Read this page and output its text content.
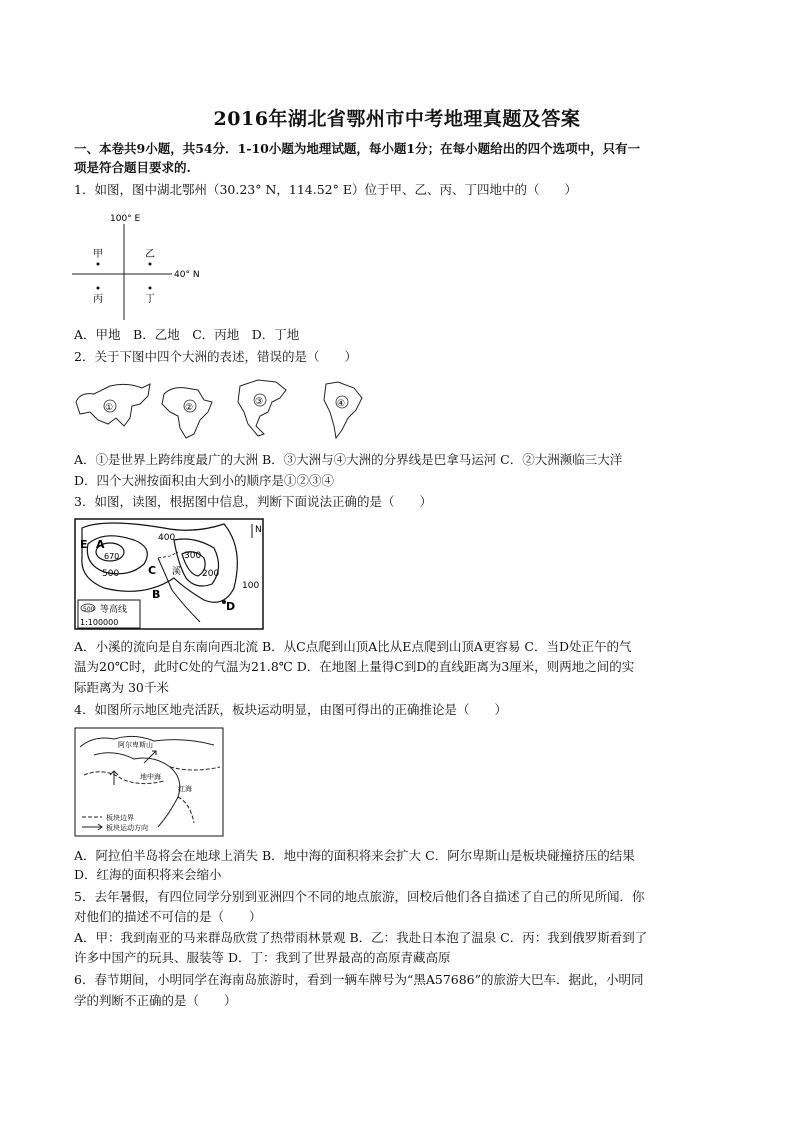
2016年湖北省鄂州市中考地理真题及答案
一、本卷共9小题，共54分．1-10小题为地理试题，每小题1分；在每小题给出的四个选项中，只有一
项是符合题目要求的.
1．如图，图中湖北鄂州（30.23° N，114.52° E）位于甲、乙、丙、丁四地中的（　　）
100° E
40° N
甲	乙
丙	丁
A．甲地　B．乙地　C．丙地　D．丁地
2．关于下图中四个大洲的表述，错误的是（　　）
①	②
③	④
A．①是世界上跨纬度最广的大洲 B．③大洲与④大洲的分界线是巴拿马运河 C．②大洲濒临三大洋
D．四个大洲按面积由大到小的顺序是①②③④
3．如图，读图，根据图中信息，判断下面说法正确的是（　　）
N
E A
670
500
400
300
200
100
C 溪
B
D
500 等高线
1:100000
A．小溪的流向是自东南向西北流 B．从C点爬到山顶A比从E点爬到山顶A更容易 C．当D处正午的气
温为20℃时，此时C处的气温为21.8℃ D．在地图上量得C到D的直线距离为3厘米，则两地之间的实
际距离为 30千米
4．如图所示地区地壳活跃，板块运动明显，由图可得出的正确推论是（　　）
阿尔卑斯山
地中海
红海
板块边界
板块运动方向
A．阿拉伯半岛将会在地球上消失 B．地中海的面积将来会扩大 C．阿尔卑斯山是板块碰撞挤压的结果
D．红海的面积将来会缩小
5．去年暑假，有四位同学分别到亚洲四个不同的地点旅游，回校后他们各自描述了自己的所见所闻．你
对他们的描述不可信的是（　　）
A．甲：我到南亚的马来群岛欣赏了热带雨林景观 B．乙：我赴日本泡了温泉 C．丙：我到俄罗斯看到了
许多中国产的玩具、服装等 D．丁：我到了世界最高的高原青藏高原
6．春节期间，小明同学在海南岛旅游时，看到一辆车牌号为“黑A57686”的旅游大巴车．据此，小明同
学的判断不正确的是（　　）
